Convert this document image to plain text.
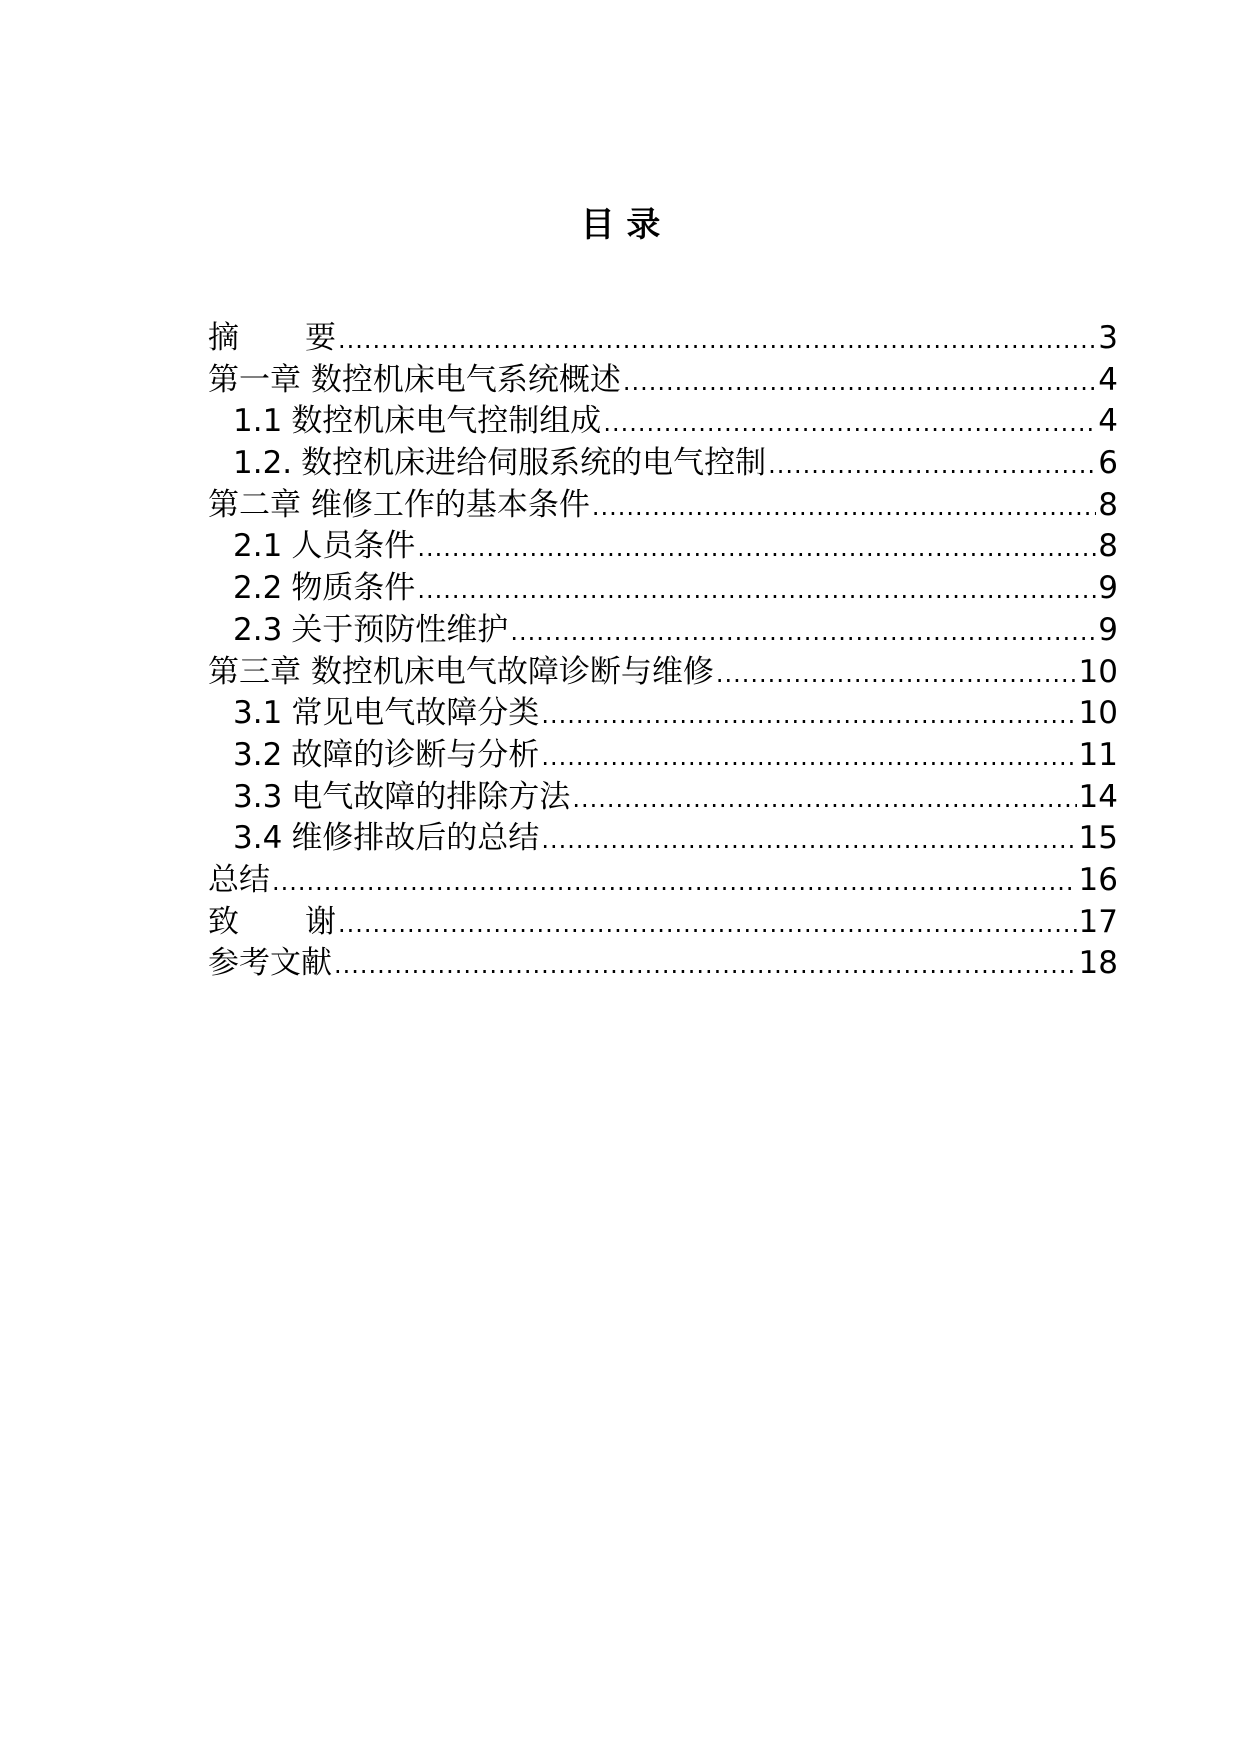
目 录
摘 要 .....	3
第一章 数控机床电气系统概述 .....	4
1.1 数控机床电气控制组成 .....	4
1.2. 数控机床进给伺服系统的电气控制 .....	6
第二章 维修工作的基本条件 .....	8
2.1 人员条件 .....	8
2.2 物质条件 .....	9
2.3 关于预防性维护 .....	9
第三章 数控机床电气故障诊断与维修 .....	10
3.1 常见电气故障分类 .....	10
3.2 故障的诊断与分析 .....	11
3.3 电气故障的排除方法 .....	14
3.4 维修排故后的总结 .....	15
总结 .....	16
致 谢 .....	17
参考文献 .....	18
